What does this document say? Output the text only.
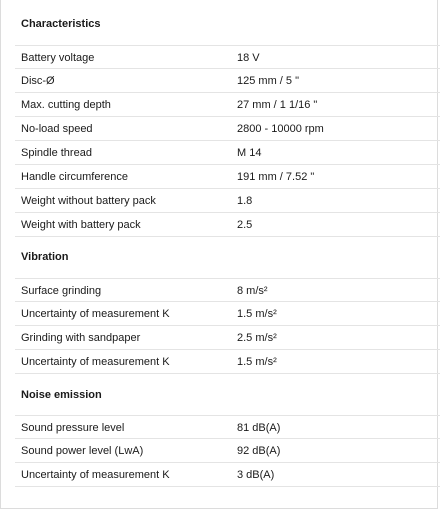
Characteristics
Battery voltage	18 V
Disc-Ø	125 mm / 5 "
Max. cutting depth	27 mm / 1 1/16 "
No-load speed	2800 - 10000 rpm
Spindle thread	M 14
Handle circumference	191 mm / 7.52 "
Weight without battery pack	1.8
Weight with battery pack	2.5
Vibration
Surface grinding	8 m/s²
Uncertainty of measurement K	1.5 m/s²
Grinding with sandpaper	2.5 m/s²
Uncertainty of measurement K	1.5 m/s²
Noise emission
Sound pressure level	81 dB(A)
Sound power level (LwA)	92 dB(A)
Uncertainty of measurement K	3 dB(A)
